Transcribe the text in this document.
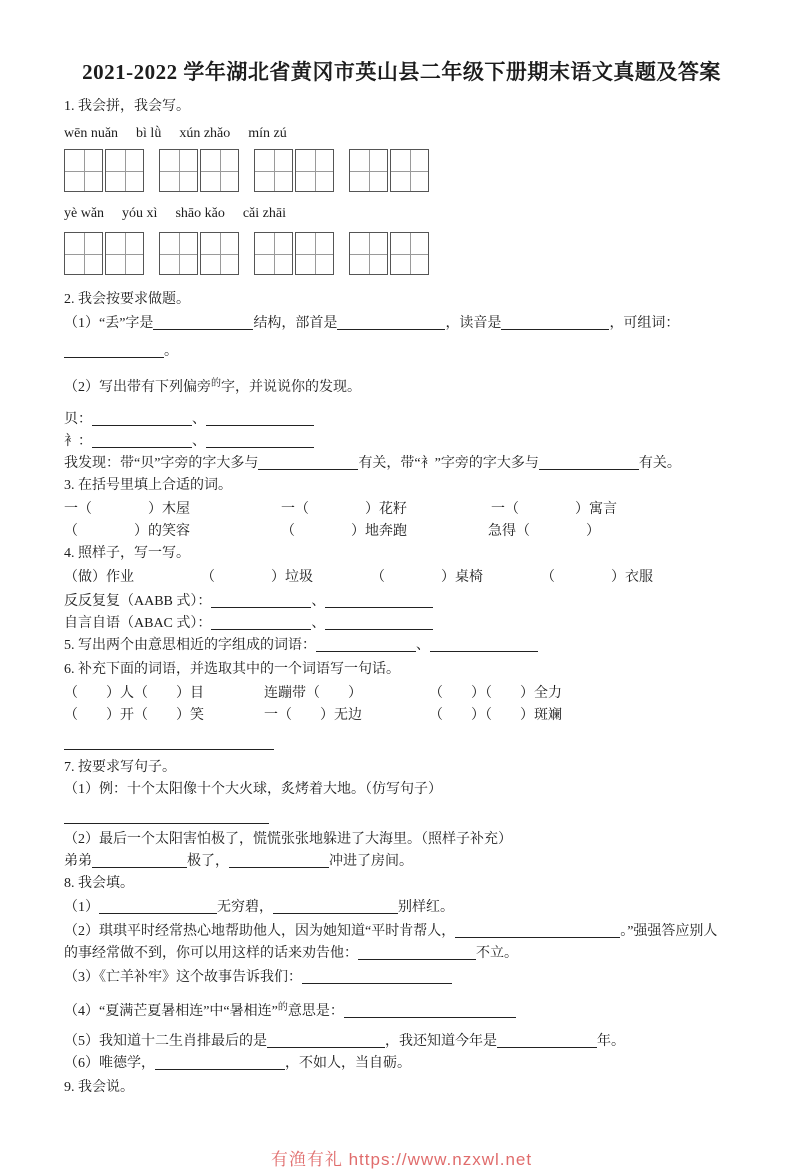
2021-2022 学年湖北省黄冈市英山县二年级下册期末语文真题及答案
1. 我会拼，我会写。
wēn nuǎn bì lǜ xún zhǎo mín zú
yè wǎn yóu xì shāo kǎo cǎi zhāi
2. 我会按要求做题。
（1）“丢”字是	结构，部首是	，读音是	，可组词：
。
（2）写出带有下列偏旁$^的$字，并说说你的发现。
贝：	、
衤：	、
我发现：带“贝”字旁的字大多与	有关，带“衤”字旁的字大多与	有关。
3. 在括号里填上合适的词。
一（　　　　）木屋	一（　　　　）花籽	一（　　　　）寓言
（　　　　）的笑容	（　　　　）地奔跑	急得（　　　　）
4. 照样子，写一写。
（做）作业	（　　　　）垃圾	（　　　　）桌椅	（　　　　）衣服
反反复复（AABB 式）：	、
自言自语（ABAC 式）：	、
5. 写出两个由意思相近的字组成的词语：	、
6. 补充下面的词语，并选取其中的一个词语写一句话。
（　　）人（　　）目	连蹦带（　　）	（　　）（　　）全力
（　　）开（　　）笑	一（　　）无边	（　　）（　　）斑斓
7. 按要求写句子。
（1）例：十个太阳像十个大火球，炙烤着大地。（仿写句子）
（2）最后一个太阳害怕极了，慌慌张张地躲进了大海里。（照样子补充）
弟弟	极了，	冲进了房间。
8. 我会填。
（1）	无穷碧，	别样红。
（2）琪琪平时经常热心地帮助他人，因为她知道“平时肯帮人，	。”强强答应别人
的事经常做不到，你可以用这样的话来劝告他：	不立。
（3）《亡羊补牢》这个故事告诉我们：
（4）“夏满芒夏暑相连”中“暑相连”$^的$意思是：
（5）我知道十二生肖排最后的是	，我还知道今年是	年。
（6）唯德学，	，不如人，当自砺。
9. 我会说。
有渔有礼 https://www.nzxwl.net
